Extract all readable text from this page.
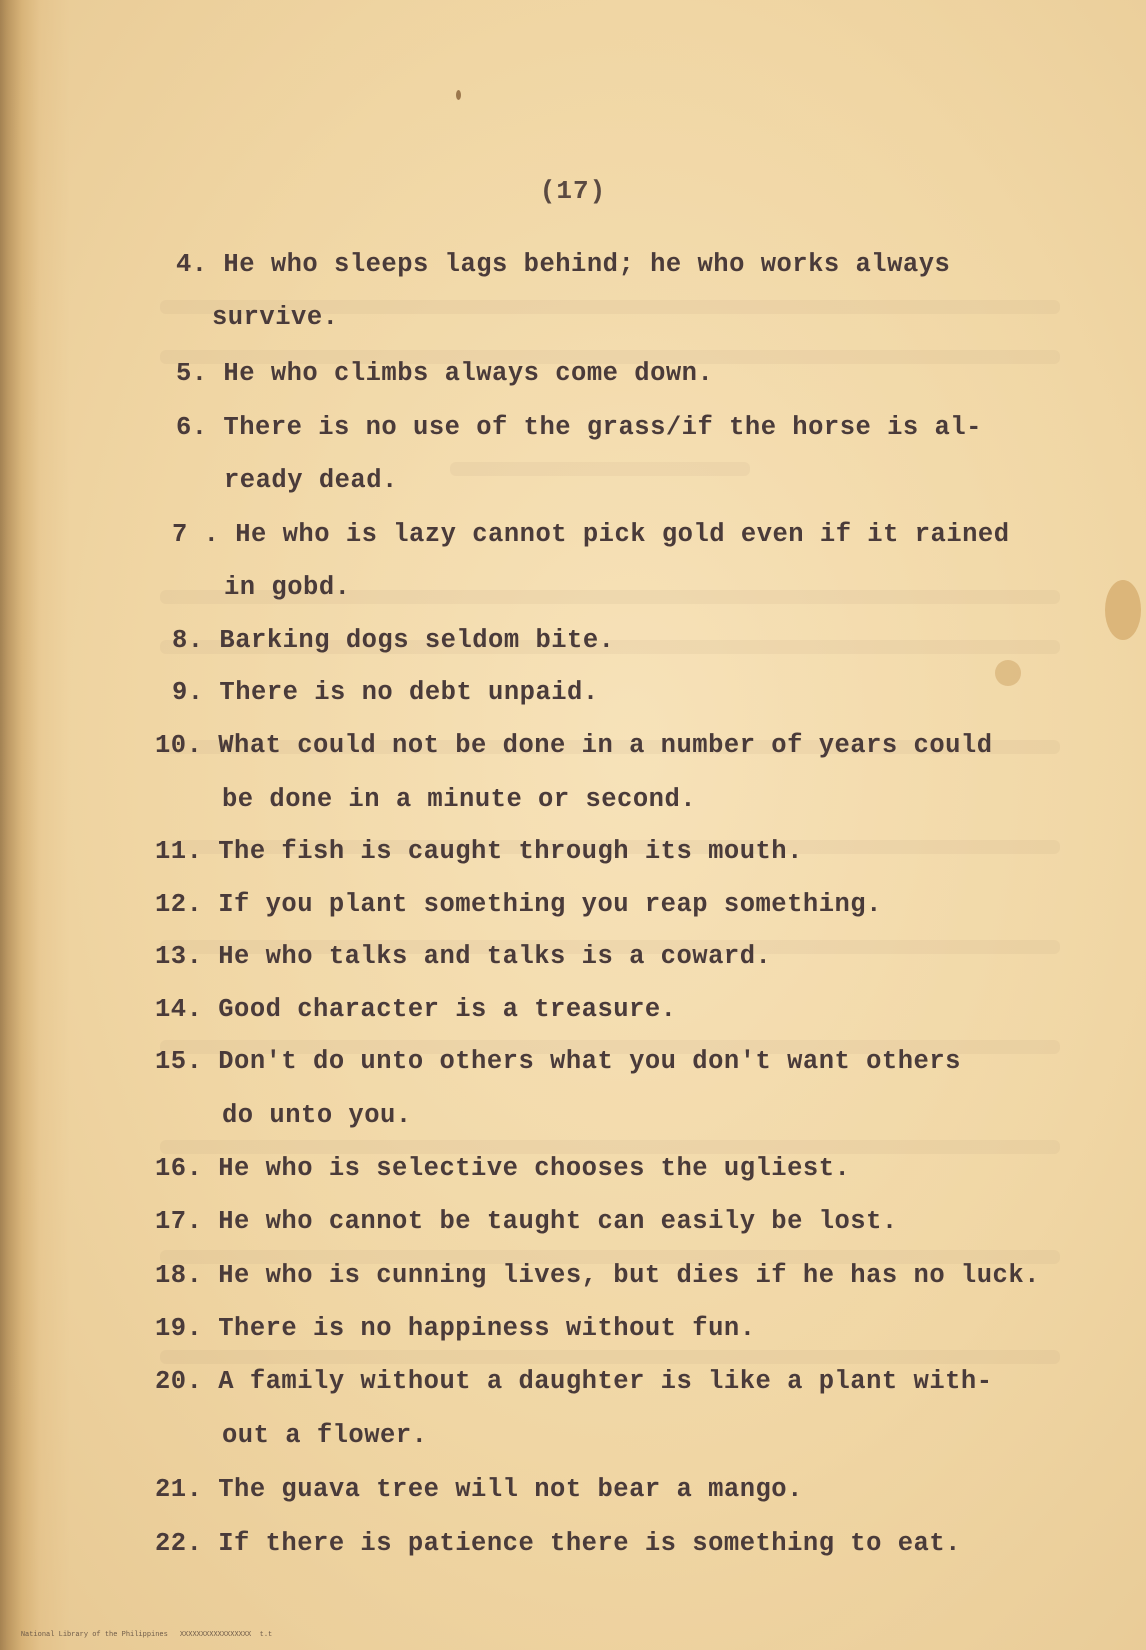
(17)
4. He who sleeps lags behind; he who works always
survive.
5. He who climbs always come down.
6. There is no use of the grass/if the horse is al-
ready dead.
7 . He who is lazy cannot pick gold even if it rained
in gobd.
8. Barking dogs seldom bite.
9. There is no debt unpaid.
10. What could not be done in a number of years could
be done in a minute or second.
11. The fish is caught through its mouth.
12. If you plant something you reap something.
13. He who talks and talks is a coward.
14. Good character is a treasure.
15. Don't do unto others what you don't want others
do unto you.
16. He who is selective chooses the ugliest.
17. He who cannot be taught can easily be lost.
18. He who is cunning lives, but dies if he has no luck.
19. There is no happiness without fun.
20. A family without a daughter is like a plant with-
out a flower.
21. The guava tree will not bear a mango.
22. If there is patience there is something to eat.

National Library of the Philippines XXXXXXXXXXXXXXXXX  t.t
